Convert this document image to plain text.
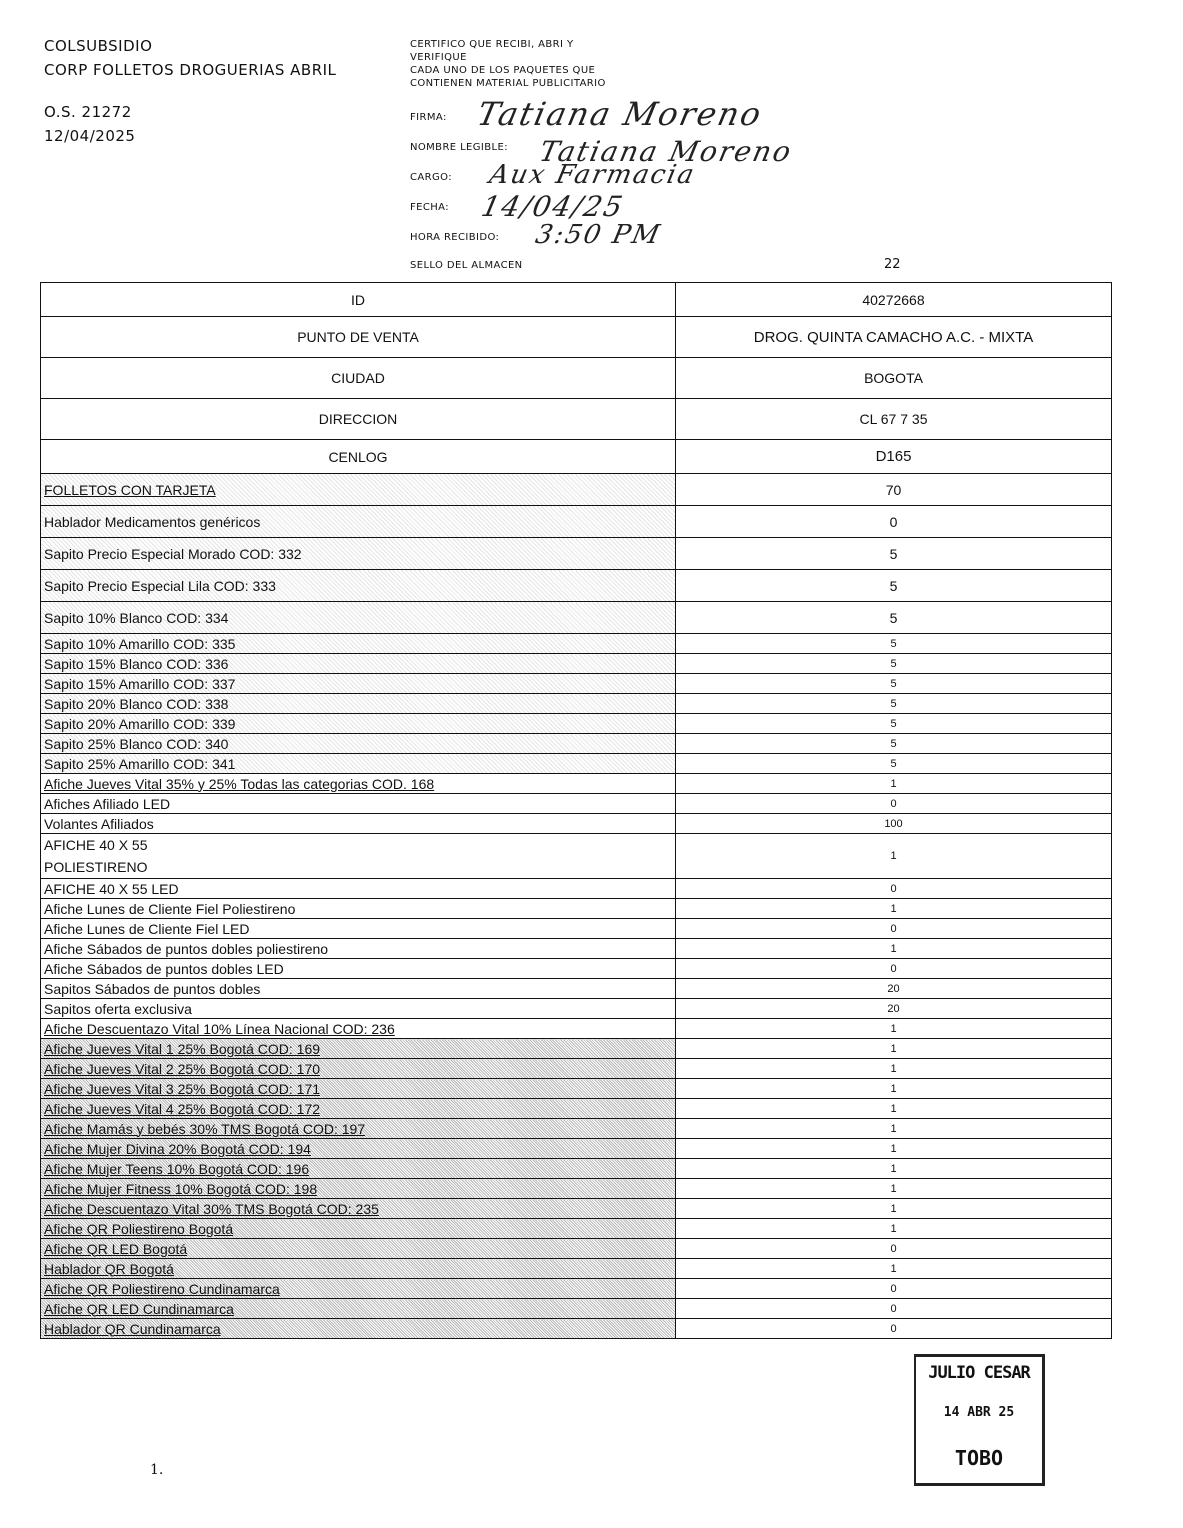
COLSUBSIDIO
CORP FOLLETOS DROGUERIAS ABRIL
O.S. 21272
12/04/2025
CERTIFICO QUE RECIBI, ABRI Y
VERIFIQUE
CADA UNO DE LOS PAQUETES QUE
CONTIENEN MATERIAL PUBLICITARIO
FIRMA: Tatiana Moreno
NOMBRE LEGIBLE: Tatiana Moreno
CARGO: Aux Farmacia
FECHA: 14/04/25
HORA RECIBIDO: 3:50 PM
SELLO DEL ALMACEN	22
ID	40272668
PUNTO DE VENTA	DROG. QUINTA CAMACHO A.C. - MIXTA
CIUDAD	BOGOTA
DIRECCION	CL 67 7 35
CENLOG	D165
FOLLETOS CON TARJETA	70
Hablador Medicamentos genéricos	0
Sapito Precio Especial Morado COD: 332	5
Sapito Precio Especial Lila COD: 333	5
Sapito 10% Blanco COD: 334	5
Sapito 10% Amarillo COD: 335	5
Sapito 15% Blanco COD: 336	5
Sapito 15% Amarillo COD: 337	5
Sapito 20% Blanco COD: 338	5
Sapito 20% Amarillo COD: 339	5
Sapito 25% Blanco COD: 340	5
Sapito 25% Amarillo COD: 341	5
Afiche Jueves Vital 35% y 25% Todas las categorias COD. 168	1
Afiches Afiliado LED	0
Volantes Afiliados	100
AFICHE 40 X 55
POLIESTIRENO	1
AFICHE 40 X 55 LED	0
Afiche Lunes de Cliente Fiel Poliestireno	1
Afiche Lunes de Cliente Fiel LED	0
Afiche Sábados de puntos dobles poliestireno	1
Afiche Sábados de puntos dobles LED	0
Sapitos Sábados de puntos dobles	20
Sapitos oferta exclusiva	20
Afiche Descuentazo Vital 10% Línea Nacional COD: 236	1
Afiche Jueves Vital 1 25% Bogotá COD: 169	1
Afiche Jueves Vital 2 25% Bogotá COD: 170	1
Afiche Jueves Vital 3 25% Bogotá COD: 171	1
Afiche Jueves Vital 4 25% Bogotá COD: 172	1
Afiche Mamás y bebés 30% TMS Bogotá COD: 197	1
Afiche Mujer Divina 20% Bogotá COD: 194	1
Afiche Mujer Teens 10% Bogotá COD: 196	1
Afiche Mujer Fitness 10% Bogotá COD: 198	1
Afiche Descuentazo Vital 30% TMS Bogotá COD: 235	1
Afiche QR Poliestireno Bogotá	1
Afiche QR LED Bogotá	0
Hablador QR Bogotá	1
Afiche QR Poliestireno Cundinamarca	0
Afiche QR LED Cundinamarca	0
Hablador QR Cundinamarca	0
JULIO CESAR
14 ABR 25
TOBO
1.
